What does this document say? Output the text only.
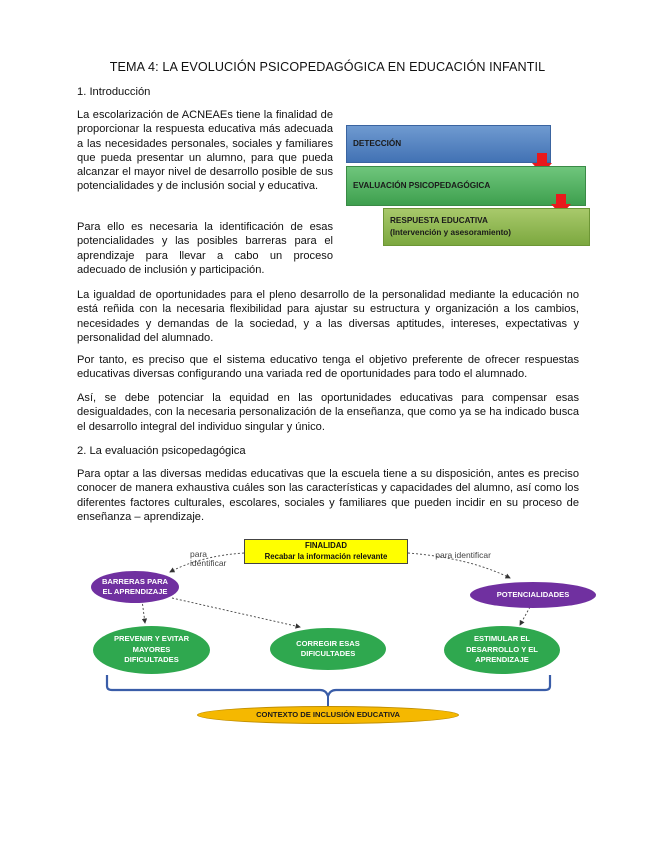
TEMA 4: LA EVOLUCIÓN PSICOPEDAGÓGICA EN EDUCACIÓN INFANTIL
1. Introducción

La escolarización de ACNEAEs tiene la finalidad de proporcionar la respuesta educativa más adecuada a las necesidades personales, sociales y familiares que pueda presentar un alumno, para que pueda alcanzar el mayor nivel de desarrollo posible de sus potencialidades y de inclusión social y educativa.

Para ello es necesaria la identificación de esas potencialidades y las posibles barreras para el aprendizaje para llevar a cabo un proceso adecuado de inclusión y participación.

DETECCIÓN
EVALUACIÓN PSICOPEDAGÓGICA
RESPUESTA EDUCATIVA
(Intervención y asesoramiento)

La igualdad de oportunidades para el pleno desarrollo de la personalidad mediante la educación no está reñida con la necesaria flexibilidad para ajustar su estructura y organización a los cambios, necesidades y demandas de la sociedad, y a las diversas aptitudes, intereses, expectativas y personalidad del alumnado.

Por tanto, es preciso que el sistema educativo tenga el objetivo preferente de ofrecer respuestas educativas diversas configurando una variada red de oportunidades para todo el alumnado.

Así, se debe potenciar la equidad en las oportunidades educativas para compensar esas desigualdades, con la necesaria personalización de la enseñanza, que como ya se ha indicado busca el desarrollo integral del individuo singular y único.

2. La evaluación psicopedagógica

Para optar a las diversas medidas educativas que la escuela tiene a su disposición, antes es preciso conocer de manera exhaustiva cuáles son las características y capacidades del alumno, así como los diferentes factores culturales, escolares, sociales y familiares que pueden incidir en su proceso de enseñanza – aprendizaje.

FINALIDAD
Recabar la información relevante
para identificar
para identificar
BARRERAS PARA EL APRENDIZAJE	POTENCIALIDADES
PREVENIR Y EVITAR MAYORES DIFICULTADES
CORREGIR ESAS DIFICULTADES
ESTIMULAR EL DESARROLLO Y EL APRENDIZAJE
CONTEXTO DE INCLUSIÓN EDUCATIVA
